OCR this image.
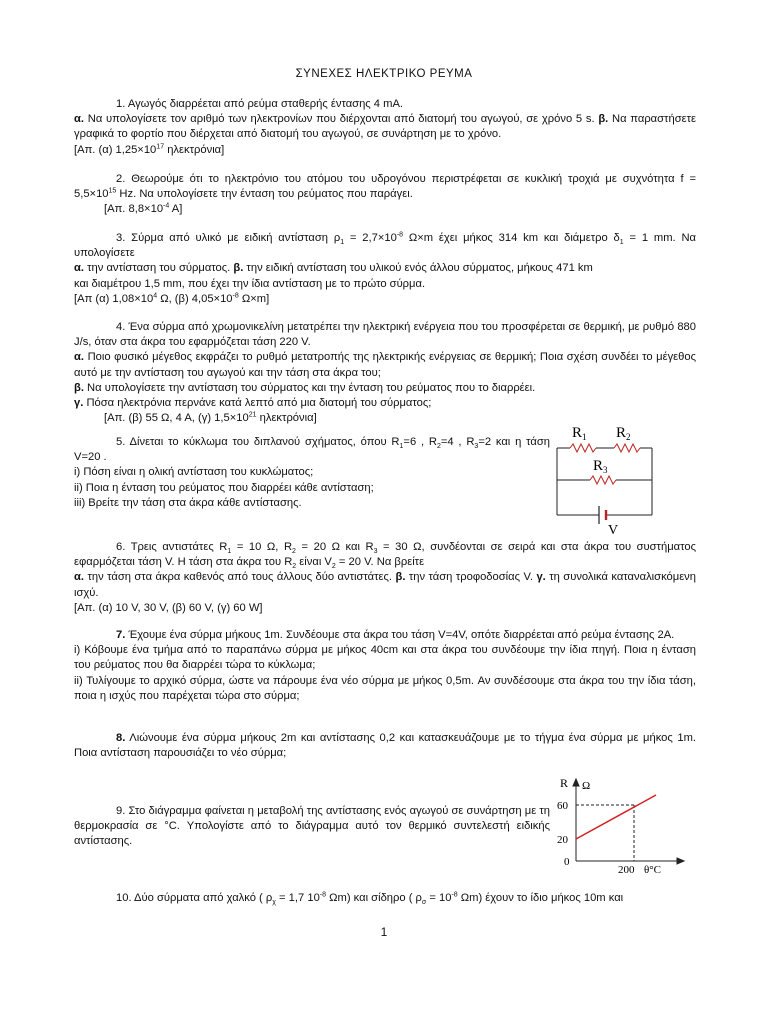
ΣΥΝΕΧΕΣ ΗΛΕΚΤΡΙΚΟ ΡΕΥΜΑ

1. Αγωγός διαρρέεται από ρεύμα σταθερής έντασης 4 mA.

α. Να υπολογίσετε τον αριθμό των ηλεκτρονίων που διέρχονται από διατομή του αγωγού, σε χρόνο 5 s. β. Να παραστήσετε γραφικά το φορτίο που διέρχεται από διατομή του αγωγού, σε συνάρτηση με το χρόνο.

[Απ. (α) $1,25\times 10^{17}$ ηλεκτρόνια]

2. Θεωρούμε ότι το ηλεκτρόνιο του ατόμου του υδρογόνου περιστρέφεται σε κυκλική τροχιά με συχνότητα $f = 5,5\times 10^{15}$ Hz. Να υπολογίσετε την ένταση του ρεύματος που παράγει.

[Απ. $8,8\times 10^{-4}$ Α]

3. Σύρμα από υλικό με ειδική αντίσταση $\rho_1 = 2,7\times 10^{-8}$ Ω×m έχει μήκος 314 km και διάμετρο $\delta_1 = 1$ mm. Να υπολογίσετε

α. την αντίσταση του σύρματος. β. την ειδική αντίσταση του υλικού ενός άλλου σύρματος, μήκους 471 km

και διαμέτρου 1,5 mm, που έχει την ίδια αντίσταση με το πρώτο σύρμα.

[Απ (α) $1,08\times 10^4$ Ω, (β) $4,05\times 10^{-8}$ Ω×m]

4. Ένα σύρμα από χρωμονικελίνη μετατρέπει την ηλεκτρική ενέργεια που του προσφέρεται σε θερμική, με ρυθμό 880 J/s, όταν στα άκρα του εφαρμόζεται τάση 220 V.

α. Ποιο φυσικό μέγεθος εκφράζει το ρυθμό μετατροπής της ηλεκτρικής ενέργειας σε θερμική; Ποια σχέση συνδέει το μέγεθος αυτό με την αντίσταση του αγωγού και την τάση στα άκρα του;

β. Να υπολογίσετε την αντίσταση του σύρματος και την ένταση του ρεύματος που το διαρρέει.

γ. Πόσα ηλεκτρόνια περνάνε κατά λεπτό από μια διατομή του σύρματος;

[Απ. (β) 55 Ω, 4 Α, (γ) $1,5\times 10^{21}$ ηλεκτρόνια]

5. Δίνεται το κύκλωμα του διπλανού σχήματος, όπου $R_1=6$ , $R_2=4$ , $R_3=2$ και η τάση V=20 .

i) Πόση είναι η ολική αντίσταση του κυκλώματος;

ii) Ποια η ένταση του ρεύματος που διαρρέει κάθε αντίσταση;

iii) Βρείτε την τάση στα άκρα κάθε αντίστασης.

$R_1$ $R_2$
$R_3$
V

6. Τρεις αντιστάτες $R_1 = 10$ Ω, $R_2 = 20$ Ω και $R_3 = 30$ Ω, συνδέονται σε σειρά και στα άκρα του συστήματος εφαρμόζεται τάση V. Η τάση στα άκρα του $R_2$ είναι $V_2 = 20$ V. Να βρείτε

α. την τάση στα άκρα καθενός από τους άλλους δύο αντιστάτες. β. την τάση τροφοδοσίας V. γ. τη συνολικά καταναλισκόμενη ισχύ.

[Απ. (α) 10 V, 30 V, (β) 60 V, (γ) 60 W]

7. Έχουμε ένα σύρμα μήκους 1m. Συνδέουμε στα άκρα του τάση V=4V, οπότε διαρρέεται από ρεύμα έντασης 2Α.

i) Κόβουμε ένα τμήμα από το παραπάνω σύρμα με μήκος 40cm και στα άκρα του συνδέουμε την ίδια πηγή. Ποια η ένταση του ρεύματος που θα διαρρέει τώρα το κύκλωμα;

ii) Τυλίγουμε το αρχικό σύρμα, ώστε να πάρουμε ένα νέο σύρμα με μήκος 0,5m. Αν συνδέσουμε στα άκρα του την ίδια τάση, ποια η ισχύς που παρέχεται τώρα στο σύρμα;

8. Λιώνουμε ένα σύρμα μήκους 2m και αντίστασης 0,2 και κατασκευάζουμε με το τήγμα ένα σύρμα με μήκος 1m. Ποια αντίσταση παρουσιάζει το νέο σύρμα;

9. Στο διάγραμμα φαίνεται η μεταβολή της αντίστασης ενός αγωγού σε συνάρτηση με τη θερμοκρασία σε °C. Υπολογίστε από το διάγραμμα αυτό τον θερμικό συντελεστή ειδικής αντίστασης.

R Ω
60
20
0
200 θ°C

10. Δύο σύρματα από χαλκό ( $\rho_\chi = 1,7$ $10^{-8}$ Ωm) και σίδηρο ( $\rho_\sigma = 10^{-8}$ Ωm) έχουν το ίδιο μήκος 10m και

1
